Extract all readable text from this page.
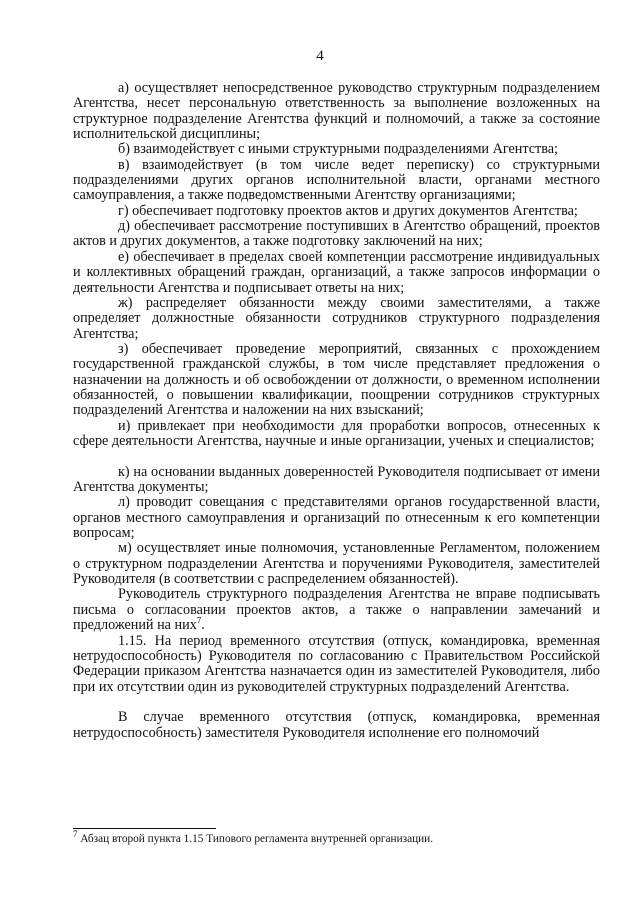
4

а) осуществляет непосредственное руководство структурным подразделением Агентства, несет персональную ответственность за выполнение возложенных на структурное подразделение Агентства функций и полномочий, а также за состояние исполнительской дисциплины;

б) взаимодействует с иными структурными подразделениями Агентства;

в) взаимодействует (в том числе ведет переписку) со структурными подразделениями других органов исполнительной власти, органами местного самоуправления, а также подведомственными Агентству организациями;

г) обеспечивает подготовку проектов актов и других документов Агентства;

д) обеспечивает рассмотрение поступивших в Агентство обращений, проектов актов и других документов, а также подготовку заключений на них;

е) обеспечивает в пределах своей компетенции рассмотрение индивидуальных и коллективных обращений граждан, организаций, а также запросов информации о деятельности Агентства и подписывает ответы на них;

ж) распределяет обязанности между своими заместителями, а также определяет должностные обязанности сотрудников структурного подразделения Агентства;

з) обеспечивает проведение мероприятий, связанных с прохождением государственной гражданской службы, в том числе представляет предложения о назначении на должность и об освобождении от должности, о временном исполнении обязанностей, о повышении квалификации, поощрении сотрудников структурных подразделений Агентства и наложении на них взысканий;

и) привлекает при необходимости для проработки вопросов, отнесенных к сфере деятельности Агентства, научные и иные организации, ученых и специалистов;

к) на основании выданных доверенностей Руководителя подписывает от имени Агентства документы;

л) проводит совещания с представителями органов государственной власти, органов местного самоуправления и организаций по отнесенным к его компетенции вопросам;

м) осуществляет иные полномочия, установленные Регламентом, положением о структурном подразделении Агентства и поручениями Руководителя, заместителей Руководителя (в соответствии с распределением обязанностей).

Руководитель структурного подразделения Агентства не вправе подписывать письма о согласовании проектов актов, а также о направлении замечаний и предложений на них$^7$.

1.15. На период временного отсутствия (отпуск, командировка, временная нетрудоспособность) Руководителя по согласованию с Правительством Российской Федерации приказом Агентства назначается один из заместителей Руководителя, либо при их отсутствии один из руководителей структурных подразделений Агентства.

В случае временного отсутствия (отпуск, командировка, временная нетрудоспособность) заместителя Руководителя исполнение его полномочий

$^7$ Абзац второй пункта 1.15 Типового регламента внутренней организации.
